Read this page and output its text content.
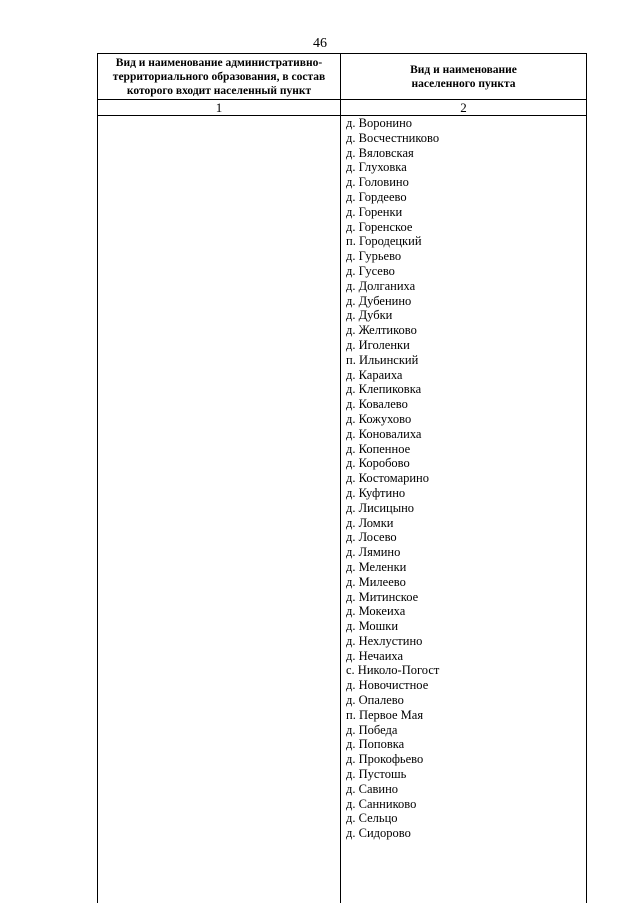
46
Вид и наименование административно-
территориального образования, в состав
которого входит населенный пункт
Вид и наименование
населенного пункта
1	2
д. Воронино
д. Восчестниково
д. Вяловская
д. Глуховка
д. Головино
д. Гордеево
д. Горенки
д. Горенское
п. Городецкий
д. Гурьево
д. Гусево
д. Долганиха
д. Дубенино
д. Дубки
д. Желтиково
д. Иголенки
п. Ильинский
д. Караиха
д. Клепиковка
д. Ковалево
д. Кожухово
д. Коновалиха
д. Копенное
д. Коробово
д. Костомарино
д. Куфтино
д. Лисицыно
д. Ломки
д. Лосево
д. Лямино
д. Меленки
д. Милеево
д. Митинское
д. Мокеиха
д. Мошки
д. Нехлустино
д. Нечаиха
с. Николо-Погост
д. Новочистное
д. Опалево
п. Первое Мая
д. Победа
д. Поповка
д. Прокофьево
д. Пустошь
д. Савино
д. Санниково
д. Сельцо
д. Сидорово
